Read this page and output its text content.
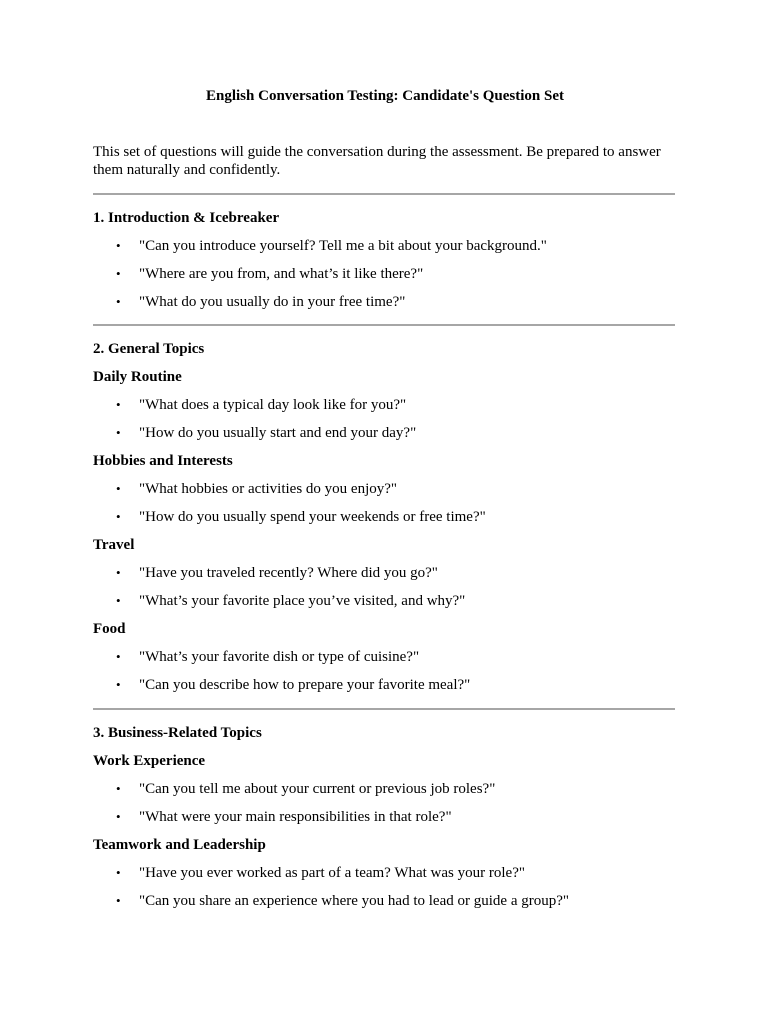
English Conversation Testing: Candidate's Question Set

This set of questions will guide the conversation during the assessment. Be prepared to answer them naturally and confidently.

1. Introduction & Icebreaker

• "Can you introduce yourself? Tell me a bit about your background."
• "Where are you from, and what’s it like there?"
• "What do you usually do in your free time?"

2. General Topics

Daily Routine

• "What does a typical day look like for you?"
• "How do you usually start and end your day?"

Hobbies and Interests

• "What hobbies or activities do you enjoy?"
• "How do you usually spend your weekends or free time?"

Travel

• "Have you traveled recently? Where did you go?"
• "What’s your favorite place you’ve visited, and why?"

Food

• "What’s your favorite dish or type of cuisine?"
• "Can you describe how to prepare your favorite meal?"

3. Business-Related Topics

Work Experience

• "Can you tell me about your current or previous job roles?"
• "What were your main responsibilities in that role?"

Teamwork and Leadership

• "Have you ever worked as part of a team? What was your role?"
• "Can you share an experience where you had to lead or guide a group?"
